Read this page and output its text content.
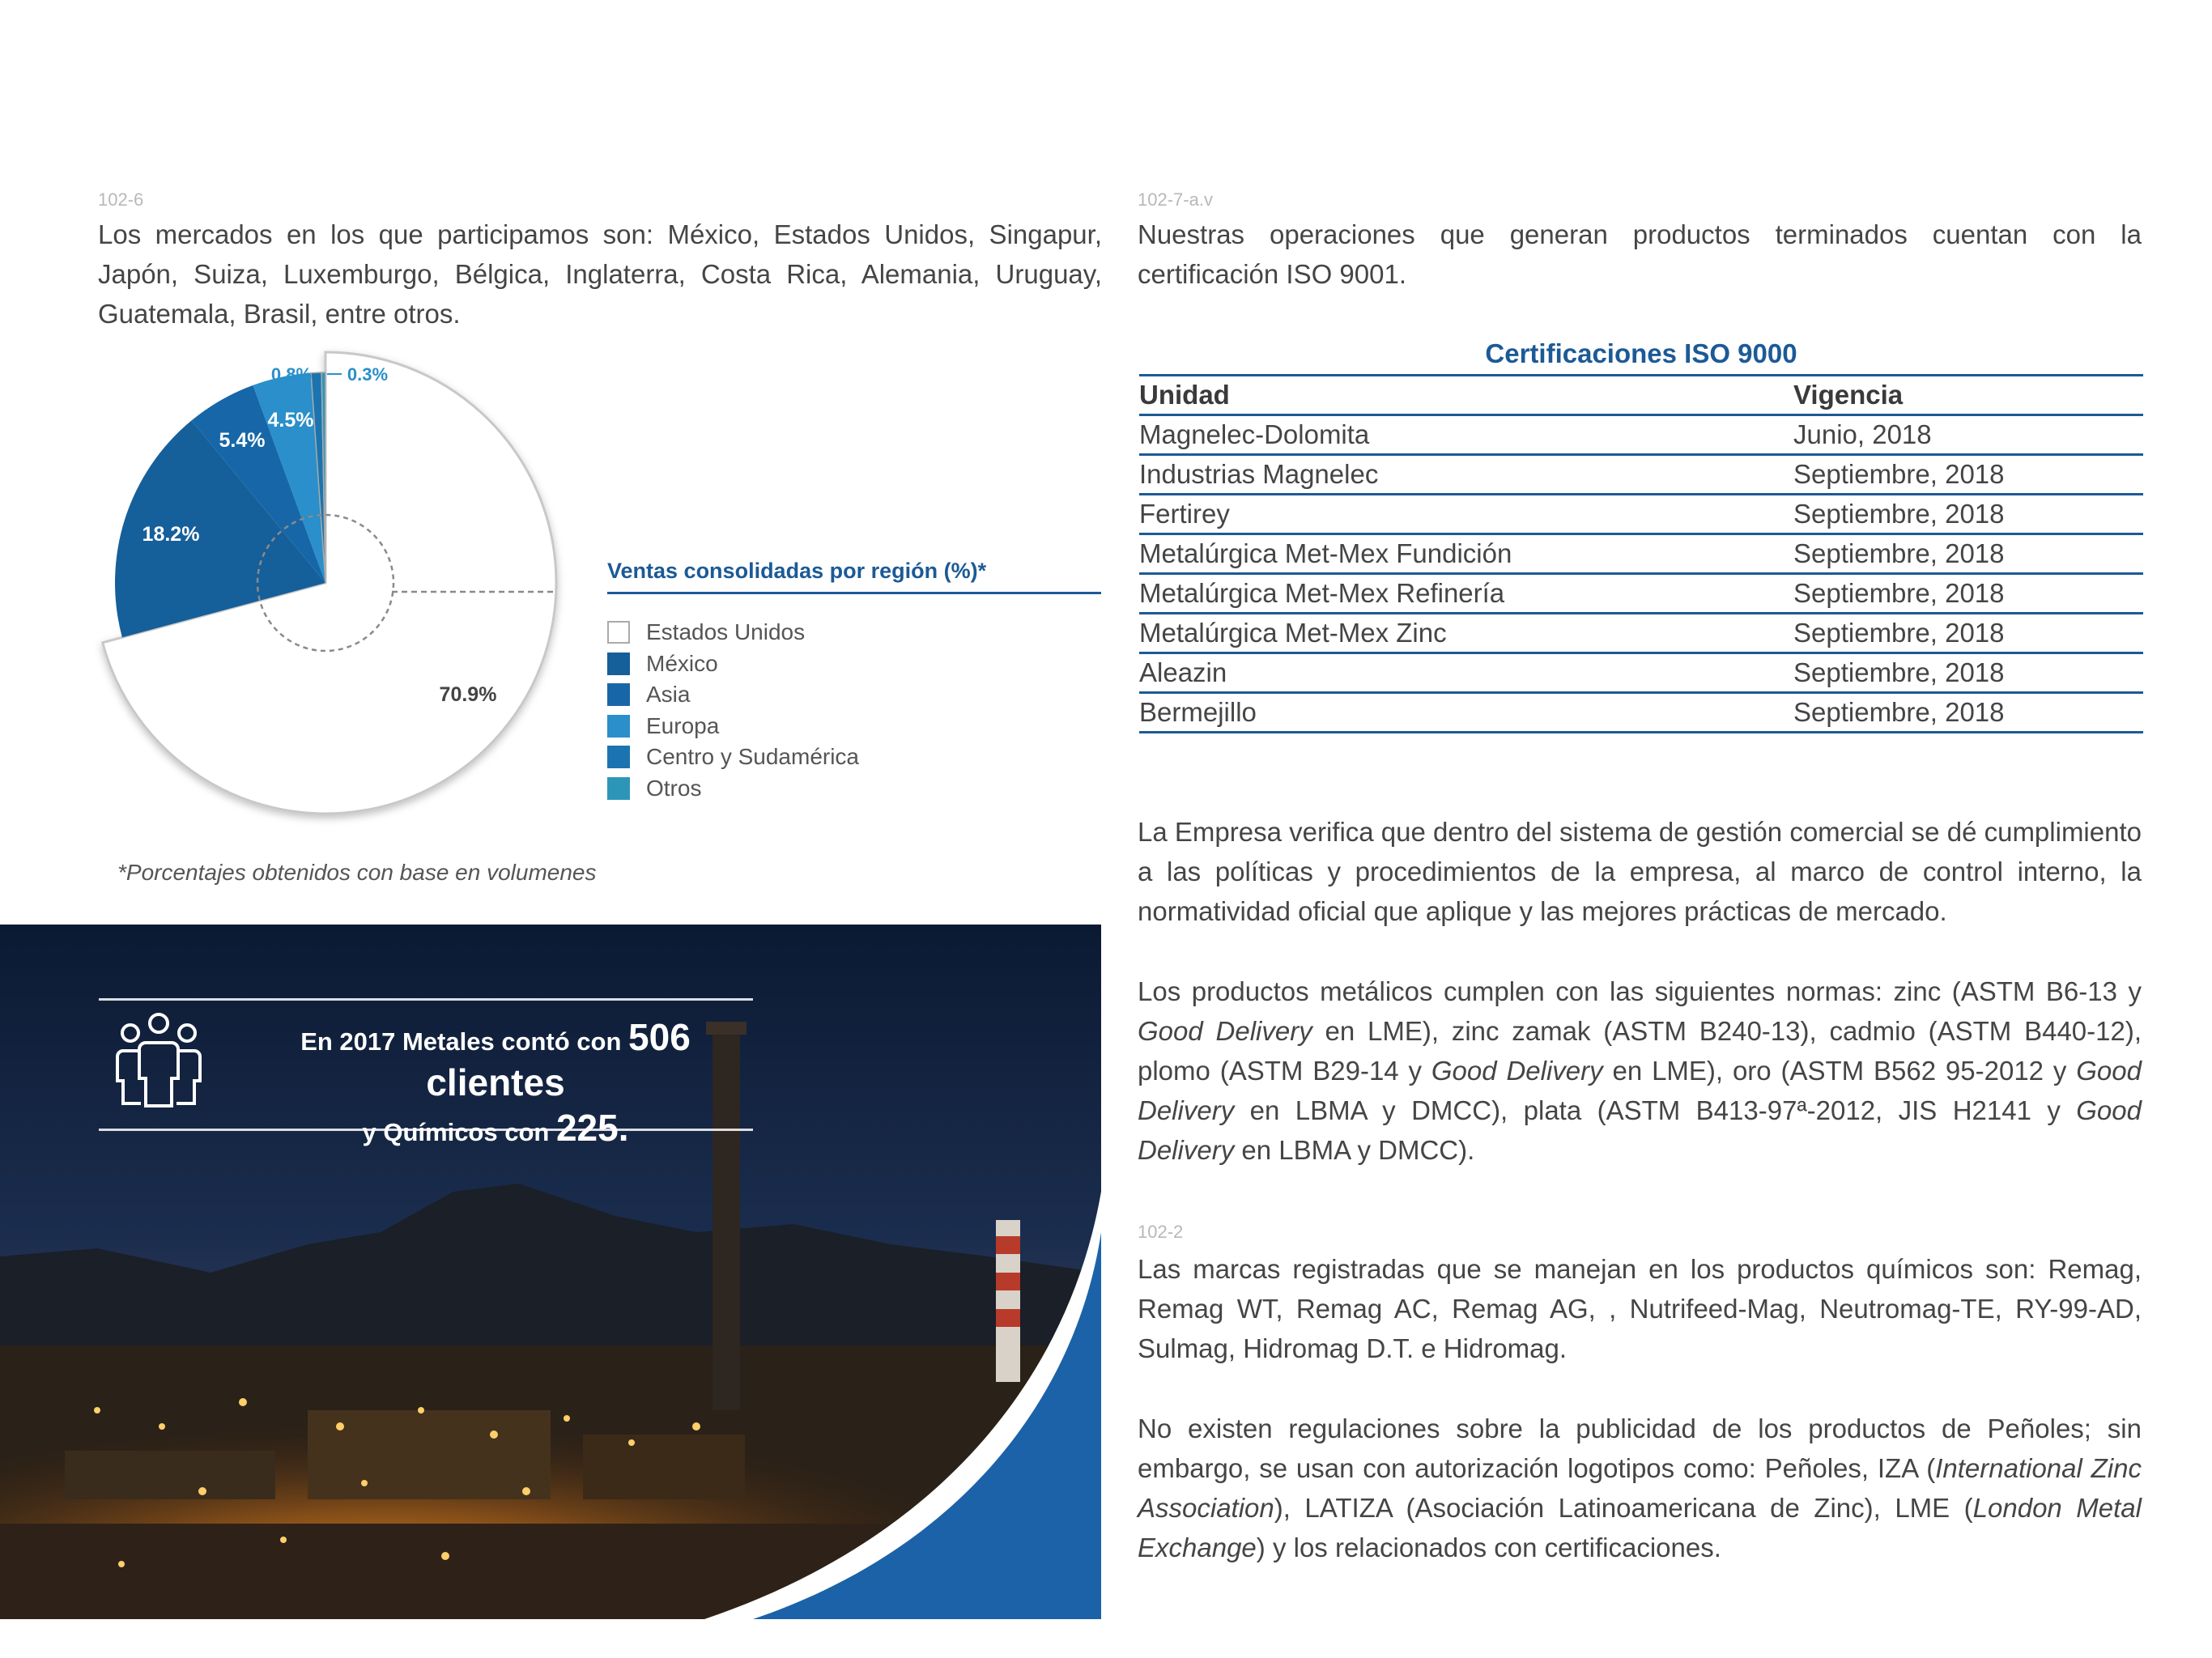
102-6

Los mercados en los que participamos son: México, Estados Unidos, Singapur, Japón, Suiza, Luxemburgo, Bélgica, Inglaterra, Costa Rica, Alemania, Uruguay, Guatemala, Brasil, entre otros.

70.9%
18.2%
5.4%
4.5%
0.8% 0.3%

Ventas consolidadas por región (%)*

Estados Unidos
México
Asia
Europa
Centro y Sudamérica
Otros
*Porcentajes obtenidos con base en volumenes
En 2017 Metales contó con 506 clientes
y Químicos con 225.
102-7-a.v

Nuestras operaciones que generan productos terminados cuentan con la certificación ISO 9001.

Certificaciones ISO 9000

Unidad	Vigencia
Magnelec-Dolomita	Junio, 2018
Industrias Magnelec	Septiembre, 2018
Fertirey	Septiembre, 2018
Metalúrgica Met-Mex Fundición	Septiembre, 2018
Metalúrgica Met-Mex Refinería	Septiembre, 2018
Metalúrgica Met-Mex Zinc	Septiembre, 2018
Aleazin	Septiembre, 2018
Bermejillo	Septiembre, 2018

La Empresa verifica que dentro del sistema de gestión comercial se dé cumplimiento a las políticas y procedimientos de la empresa, al marco de control interno, la normatividad oficial que aplique y las mejores prácticas de mercado.

Los productos metálicos cumplen con las siguientes normas: zinc (ASTM B6-13 y Good Delivery en LME), zinc zamak (ASTM B240-13), cadmio (ASTM B440-12), plomo (ASTM B29-14 y Good Delivery en LME), oro (ASTM B562 95-2012 y Good Delivery en LBMA y DMCC), plata (ASTM B413-97ª-2012, JIS H2141 y Good Delivery en LBMA y DMCC).

102-2

Las marcas registradas que se manejan en los productos químicos son: Remag, Remag WT, Remag AC, Remag AG, , Nutrifeed-Mag, Neutromag-TE, RY-99-AD, Sulmag, Hidromag D.T. e Hidromag.

No existen regulaciones sobre la publicidad de los productos de Peñoles; sin embargo, se usan con autorización logotipos como: Peñoles, IZA (International Zinc Association), LATIZA (Asociación Latinoamericana de Zinc), LME (London Metal Exchange) y los relacionados con certificaciones.
